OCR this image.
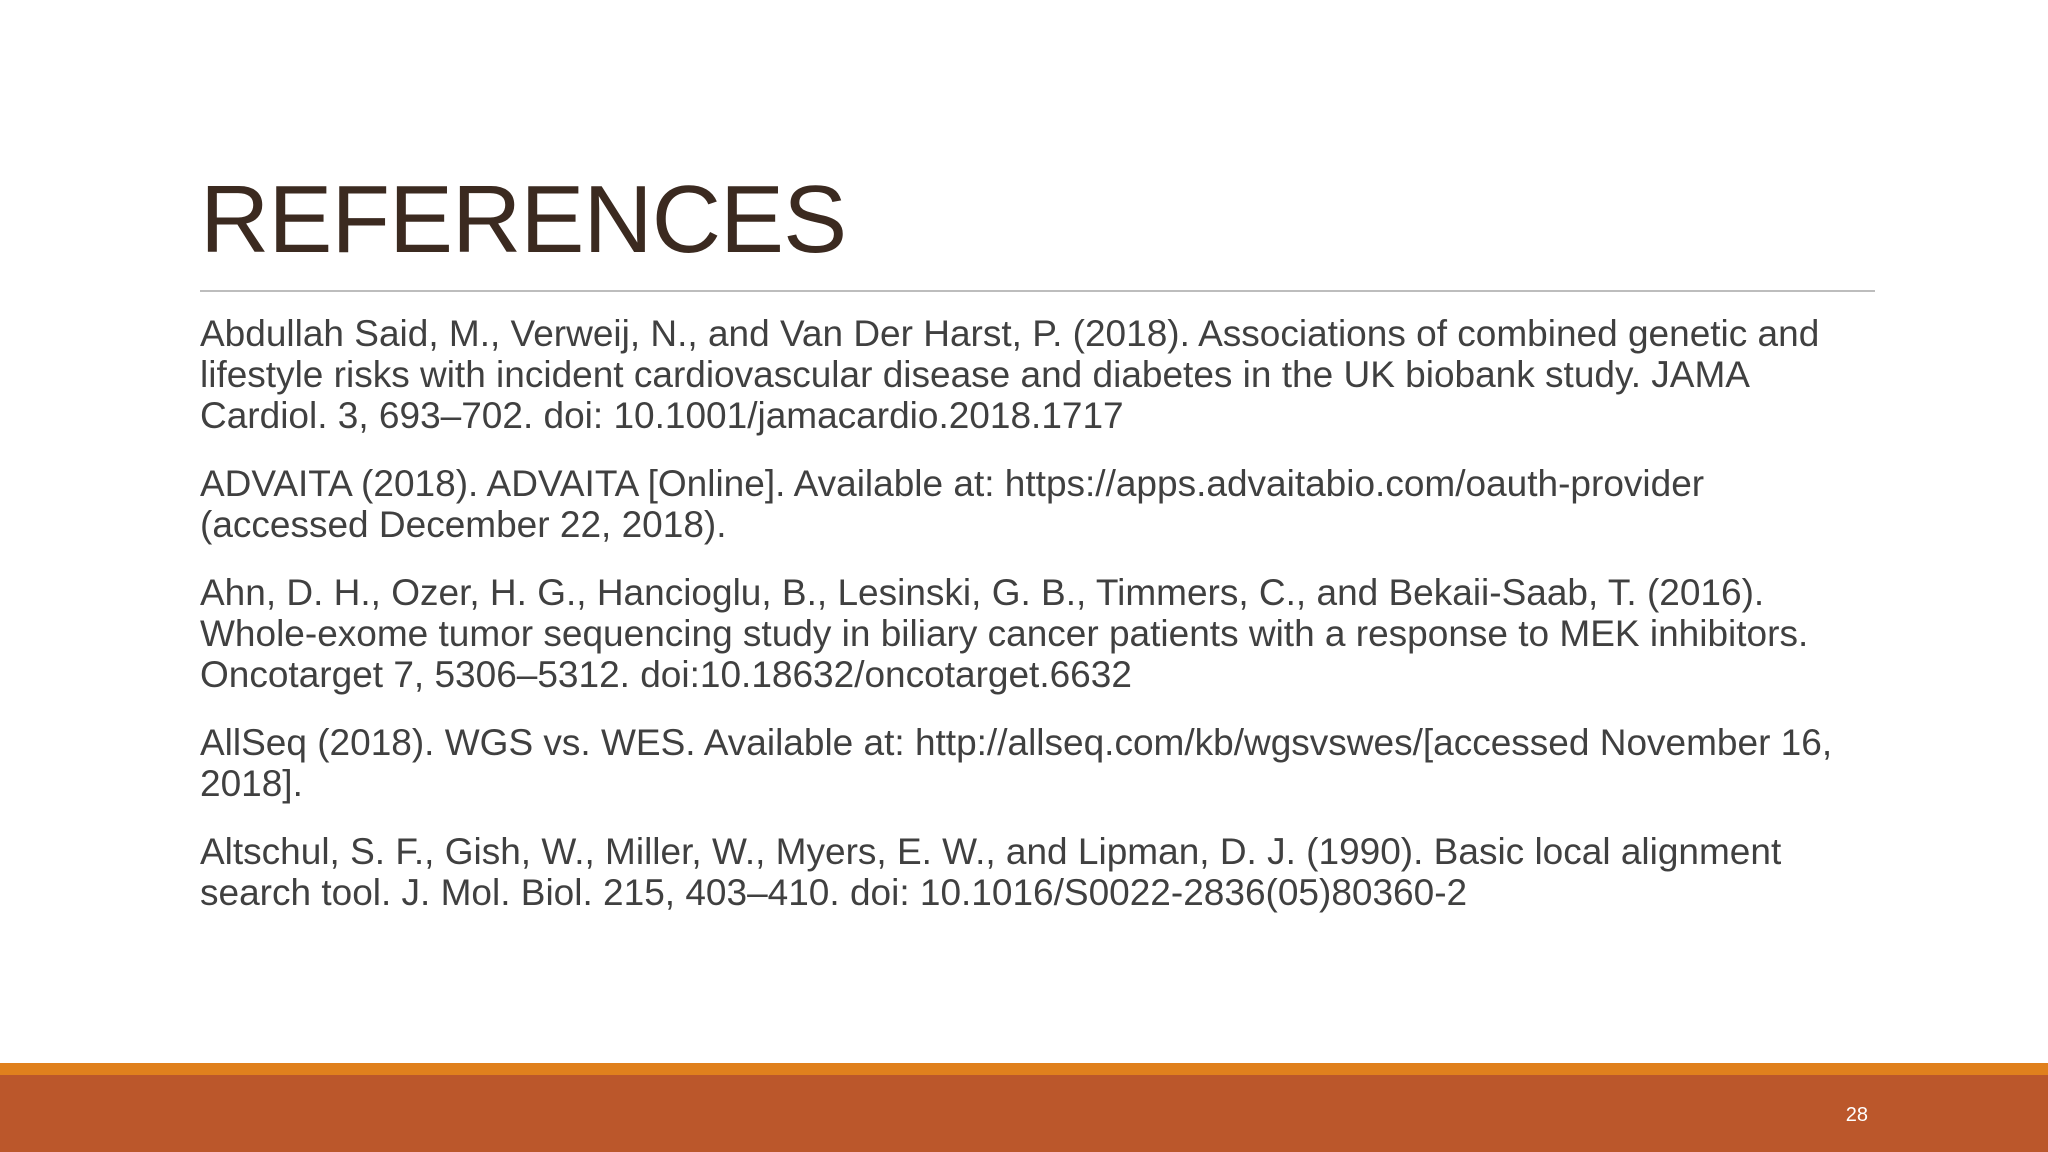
REFERENCES

Abdullah Said, M., Verweij, N., and Van Der Harst, P. (2018). Associations of combined genetic and lifestyle risks with incident cardiovascular disease and diabetes in the UK biobank study. JAMA Cardiol. 3, 693–702. doi: 10.1001/jamacardio.2018.1717

ADVAITA (2018). ADVAITA [Online]. Available at: https://apps.advaitabio.com/oauth-provider (accessed December 22, 2018).

Ahn, D. H., Ozer, H. G., Hancioglu, B., Lesinski, G. B., Timmers, C., and Bekaii-Saab, T. (2016). Whole-exome tumor sequencing study in biliary cancer patients with a response to MEK inhibitors. Oncotarget 7, 5306–5312. doi:10.18632/oncotarget.6632

AllSeq (2018). WGS vs. WES. Available at: http://allseq.com/kb/wgsvswes/[accessed November 16, 2018].

Altschul, S. F., Gish, W., Miller, W., Myers, E. W., and Lipman, D. J. (1990). Basic local alignment search tool. J. Mol. Biol. 215, 403–410. doi: 10.1016/S0022-2836(05)80360-2

28
